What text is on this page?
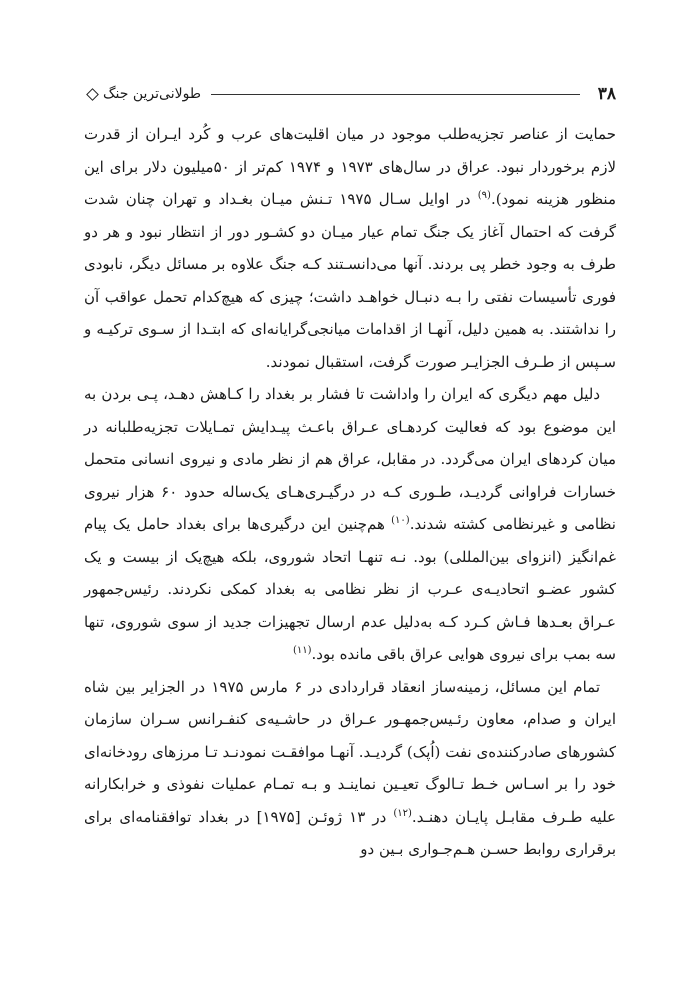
۳۸
طولانی‌ترین جنگ

حمایت از عناصر تجزیه‌طلب موجود در میان اقلیت‌های عرب و کُرد ایـران از قدرت لازم برخوردار نبود. عراق در سال‌های ۱۹۷۳ و ۱۹۷۴ کم‌تر از ۵۰میلیون دلار برای این منظور هزینه نمود).$^{(۹)}$ در اوایل سـال ۱۹۷۵ تـنش میـان بغـداد و تهران چنان شدت گرفت که احتمال آغاز یک جنگ تمام عیار میـان دو کشـور دور از انتظار نبود و هر دو طرف به وجود خطر پی بردند. آنها می‌دانسـتند کـه جنگ علاوه بر مسائل دیگر، نابودی فوری تأسیسات نفتی را بـه دنبـال خواهـد داشت؛ چیزی که هیچ‌کدام تحمل عواقب آن را نداشتند. به همین دلیل، آنهـا از اقدامات میانجی‌گرایانه‌ای که ابتـدا از سـوی ترکیـه و سـپس از طـرف الجزایـر صورت گرفت، استقبال نمودند.

دلیل مهم دیگری که ایران را واداشت تا فشار بر بغداد را کـاهش دهـد، پـی بردن به این موضوع بود که فعالیت کردهـای عـراق باعـث پیـدایش تمـایلات تجزیه‌طلبانه در میان کردهای ایران می‌گردد. در مقابل، عراق هم از نظر مادی و نیروی انسانی متحمل خسارات فراوانی گردیـد، طـوری کـه در درگیـری‌هـای یک‌ساله حدود ۶۰ هزار نیروی نظامی و غیرنظامی کشته شدند.$^{(۱۰)}$ هم‌چنین این درگیری‌ها برای بغداد حامل یک پیام غم‌انگیز (انزوای بین‌المللی) بود. نـه تنهـا اتحاد شوروی، بلکه هیچ‌یک از بیست و یک کشور عضـو اتحادیـه‌ی عـرب از نظر نظامی به بغداد کمکی نکردند. رئیس‌جمهور عـراق بعـدها فـاش کـرد کـه به‌دلیل عدم ارسال تجهیزات جدید از سوی شوروی، تنها سه بمب برای نیروی هوایی عراق باقی مانده بود.$^{(۱۱)}$

تمام این مسائل، زمینه‌ساز انعقاد قراردادی در ۶ مارس ۱۹۷۵ در الجزایر بین شاه ایران و صدام، معاون رئـیس‌جمهـور عـراق در حاشـیه‌ی کنفـرانس سـران سازمان کشورهای صادرکننده‌ی نفت (اُپک) گردیـد. آنهـا موافقـت نمودنـد تـا مرزهای رودخانه‌ای خود را بر اسـاس خـط تـالوگ تعیـین نماینـد و بـه تمـام عملیات نفوذی و خرابکارانه علیه طـرف مقابـل پایـان دهنـد.$^{(۱۲)}$ در ۱۳ ژوئـن [۱۹۷۵] در بغداد توافقنامه‌ای برای برقراری روابط حسـن هـم‌جـواری بـین دو
